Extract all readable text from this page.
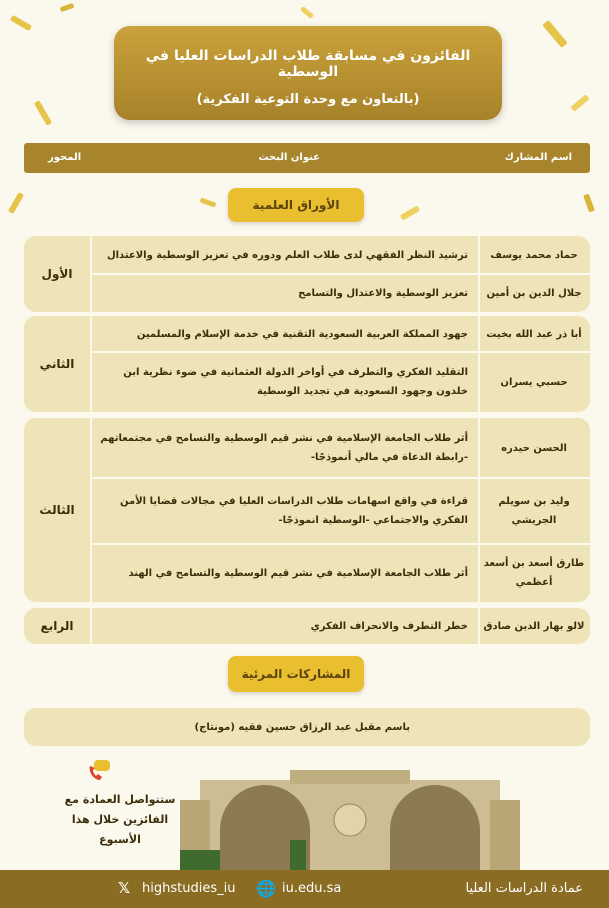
الفائزون في مسابقة طلاب الدراسات العليا في الوسطية
(بالتعاون مع وحدة التوعية الفكرية)
اسم المشارك
عنوان البحث
المحور
الأوراق العلمية
الأول
حماد محمد يوسف
ترشيد النظر الفقهي لدى طلاب العلم ودوره في تعزيز الوسطية والاعتدال
جلال الدين بن أمين
تعزيز الوسطية والاعتدال والتسامح
الثاني
أبا ذر عبد الله بخيت
جهود المملكة العربية السعودية التقنية في خدمة الإسلام والمسلمين
حسبي يسران
التقليد الفكري والتطرف في أواخر الدولة العثمانية في ضوء نظرية ابن خلدون وجهود السعودية في تجديد الوسطية
الثالث
الحسن حيدره
أثر طلاب الجامعة الإسلامية في نشر قيم الوسطية والتسامح في مجتمعاتهم -رابطة الدعاة في مالي أنموذجًا-
وليد بن سويلم الجريشي
قراءة في واقع اسهامات طلاب الدراسات العليا في مجالات قضايا الأمن الفكري والاجتماعي -الوسطية انموذجًا-
طارق أسعد بن أسعد أعظمي
أثر طلاب الجامعة الإسلامية في نشر قيم الوسطية والتسامح في الهند
الرابع	لالو بهار الدين صادق
خطر التطرف والانحراف الفكري
المشاركات المرئية
باسم مقبل عبد الرزاق حسين فقيه (مونتاج)
ستتواصل العمادة مع
الفائزين خلال هذا الأسبوع
عمادة الدراسات العليا
🌐 iu.edu.sa
𝕏 highstudies_iu
